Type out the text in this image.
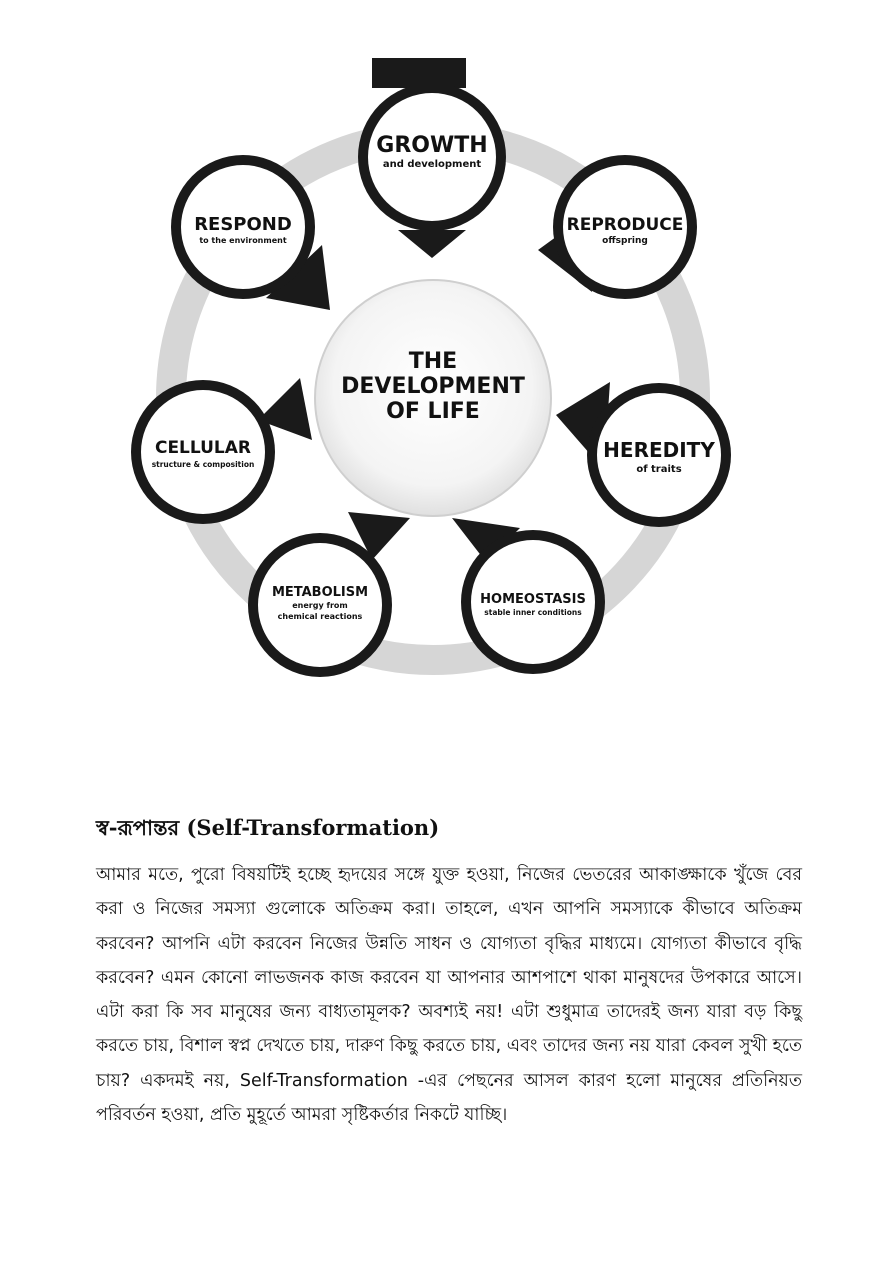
THE
DEVELOPMENT
OF LIFE
GROWTH
and development
REPRODUCE
offspring
HEREDITY
of traits
HOMEOSTASIS
stable inner conditions
METABOLISM
energy from
chemical reactions
CELLULAR
structure & composition
RESPOND
to the environment
স্ব-রূপান্তর (Self-Transformation)
আমার মতে, পুরো বিষয়টিই হচ্ছে হৃদয়ের সঙ্গে যুক্ত হওয়া, নিজের ভেতরের আকাঙ্ক্ষাকে খুঁজে বের করা ও নিজের সমস্যা গুলোকে অতিক্রম করা। তাহলে, এখন আপনি সমস্যাকে কীভাবে অতিক্রম করবেন? আপনি এটা করবেন নিজের উন্নতি সাধন ও যোগ্যতা বৃদ্ধির মাধ্যমে। যোগ্যতা কীভাবে বৃদ্ধি করবেন? এমন কোনো লাভজনক কাজ করবেন যা আপনার আশপাশে থাকা মানুষদের উপকারে আসে। এটা করা কি সব মানুষের জন্য বাধ্যতামূলক? অবশ্যই নয়! এটা শুধুমাত্র তাদেরই জন্য যারা বড় কিছু করতে চায়, বিশাল স্বপ্ন দেখতে চায়, দারুণ কিছু করতে চায়, এবং তাদের জন্য নয় যারা কেবল সুখী হতে চায়? একদমই নয়, Self-Transformation -এর পেছনের আসল কারণ হলো মানুষের প্রতিনিয়ত পরিবর্তন হওয়া, প্রতি মুহূর্তে আমরা সৃষ্টিকর্তার নিকটে যাচ্ছি।
